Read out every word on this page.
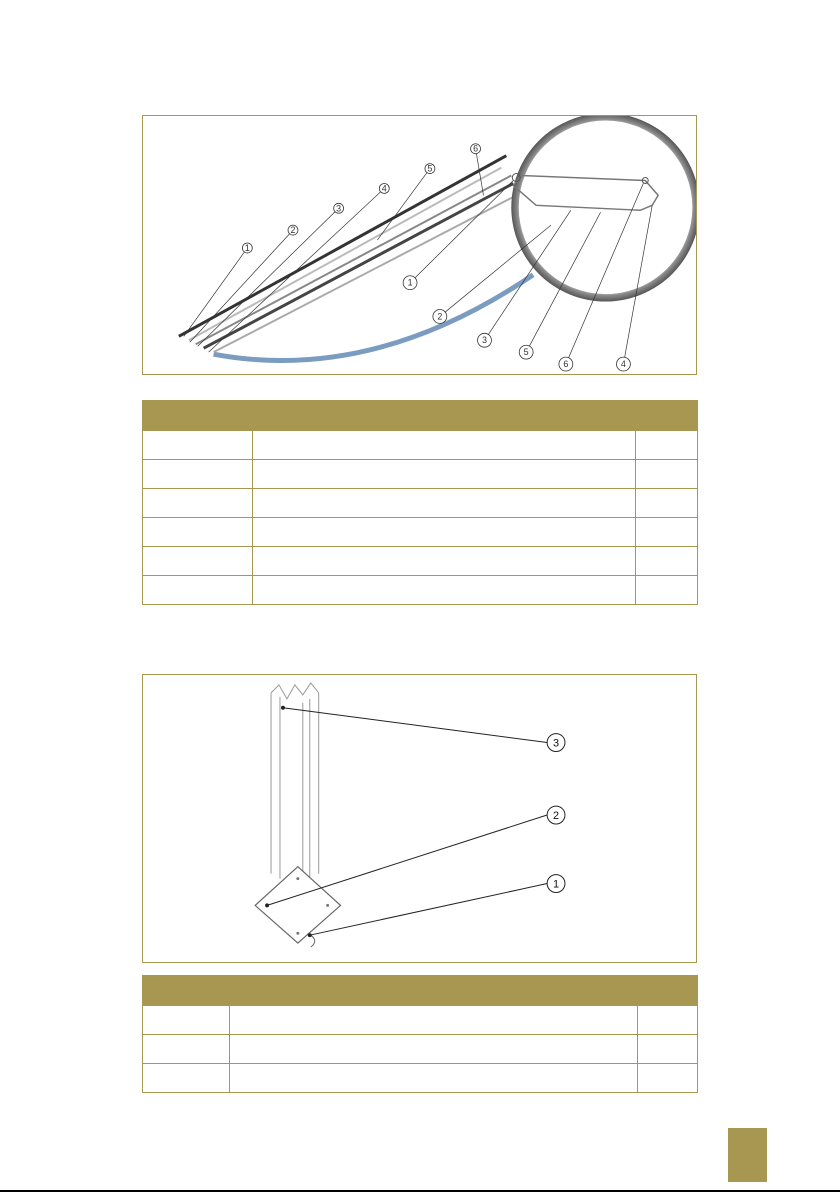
1
2
3
4
5
6
1
2
3
5
6	4

3
2
1
